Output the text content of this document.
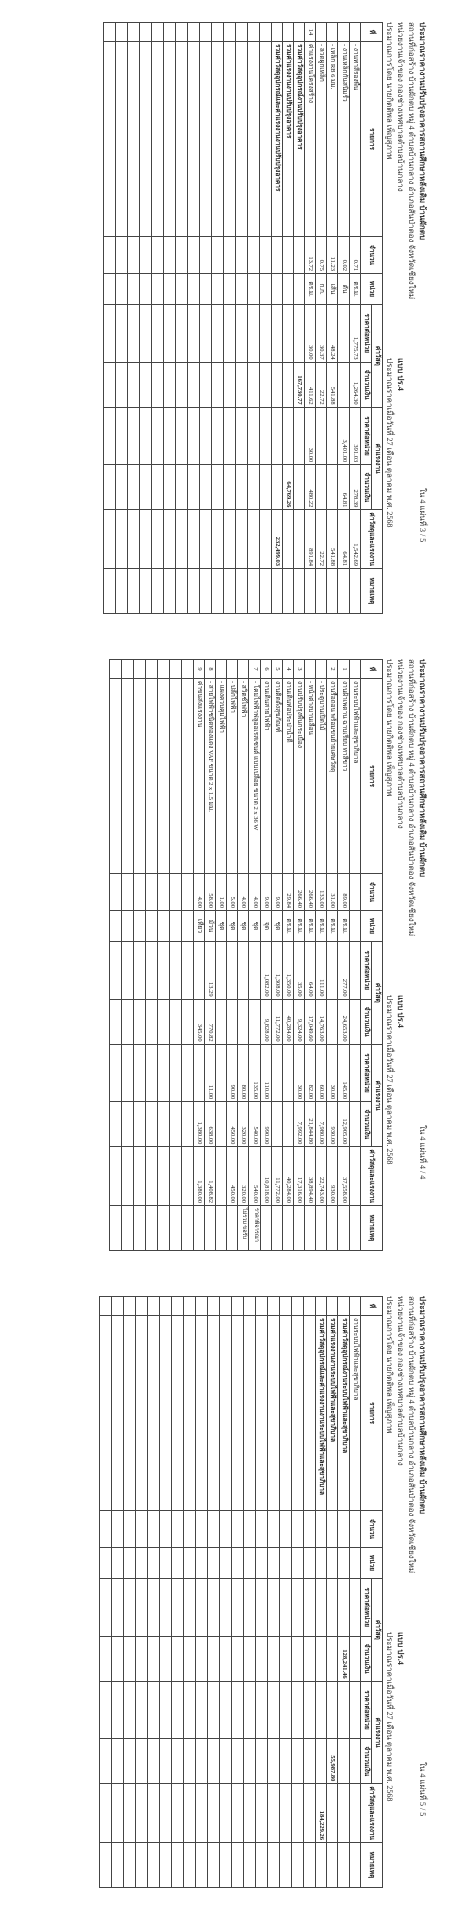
ประมาณราคางานปรับปรุงอาคารสถานศึกษาหลังเดิม บ้านผักตบ
สถานที่ก่อสร้าง บ้านผักตบ หมู่ 4 ตำบลบ้านกลาง อำเภอสันป่าตอง จังหวัดเชียงใหม่
หน่วยงานเจ้าของ กองช่างเทศบาลตำบลบ้านกลาง
ประมาณการโดย นายกิตติพล เพ็ญสุภาพ
ใน 4 แผ่นที่ 3 / 5
แบบ ปร.4
ประมาณราคาเมื่อวันที่ 27 เดือน ตุลาคม พ.ศ. 2568
ที่	รายการ	จำนวน	หน่วย	ค่าวัสดุ		ค่าแรงงาน		ค่าวัสดุและแรงงาน	หมายเหตุ
				ราคาต่อหน่วย	จำนวนเงิน	ราคาต่อหน่วย	จำนวนเงิน		
	- งานทาสีรองพื้น	0.71	ตร.ม.	1,775.73	1,264.30	391.03	278.39	1,542.69	
	- งานเหล็กกันสนิมรั้ว	0.02	ตัน			3,401.00	64.81	64.81	
	- เหล็ก RB 6 มม.	11.23	เส้น	48.24	541.88			541.88	
	- ลวดผูกเหล็ก	0.75	ก.ก.	30.37	22.72			22.72	
14	ค่าแรงงานโครงสร้าง	13.72	ตร.ม.	30.00	411.62	30.00	480.22	891.84	
	รวมค่าวัสดุอุปกรณ์งานปรับปรุงอาคาร				167,730.77				
	รวมค่าแรงงานงานปรับปรุงอาคาร						64,769.26		
	รวมค่าวัสดุอุปกรณ์และค่าแรงงานงานปรับปรุงอาคาร							232,499.03	

ประมาณราคางานปรับปรุงอาคารสถานศึกษาหลังเดิม บ้านผักตบ
สถานที่ก่อสร้าง บ้านผักตบ หมู่ 4 ตำบลบ้านกลาง อำเภอสันป่าตอง จังหวัดเชียงใหม่
หน่วยงานเจ้าของ กองช่างเทศบาลตำบลบ้านกลาง
ประมาณการโดย นายกิตติพล เพ็ญสุภาพ
ใน 4 แผ่นที่ 4 / 4
แบบ ปร.4
ประมาณราคาเมื่อวันที่ 27 เดือน ตุลาคม พ.ศ. 2568
ที่	รายการ	จำนวน	หน่วย	ค่าวัสดุ		ค่าแรงงาน		ค่าวัสดุและแรงงาน	หมายเหตุ
				ราคาต่อหน่วย	จำนวนเงิน	ราคาต่อหน่วย	จำนวนเงิน		
	งานระบบไฟฟ้าและสุขาภิบาล								
1	งานฝ้าเพดาน ฉาบเรียบ ทาสีขาว	89.00	ตร.ม.	277.00	24,653.00	145.00	12,905.00	37,558.00	
2	งานรื้อถอน พร้อมขนย้ายเศษวัสดุ	31.00	ตร.ม.			30.00	930.00	930.00	
	- ประตูบานเปิดไม้	133.00	ตร.ม.	111.00	14,763.00	60.00	7,980.00	22,743.00	
	- หน้าต่างบานเลื่อน	266.40	ตร.ม.	64.00	17,049.60	82.00	21,844.80	38,894.40	
3	งานปรับปรุงพื้นกระเบื้อง	266.40	ตร.ม.	35.00	9,324.00	30.00	7,992.00	17,316.00	
4	งานเดินท่อประปาน้ำดี	29.84	ตร.ม.	1,350.00	40,284.00			40,284.00	
5	งานติดตั้งสุขภัณฑ์	9.00	ชุด	1,308.00	11,772.00			11,772.00	
6	งานเดินสายไฟฟ้า	9.00	จุด	1,082.00	9,828.00	110.00	990.00	10,818.00	
7	- โคมไฟฟ้าฟลูออเรสเซนต์ แบบเปลือย ขนาด 2 x 36 W	4.00	ชุด			135.00	540.00	540.00	ราคาพิจารณา
	- สวิตช์ไฟฟ้า	4.00	ชุด			80.00	320.00	320.00	ไม่รวม ขอรับ
	- ปลั๊กไฟฟ้า	5.00	ชุด			90.00	450.00	450.00	
	- แผงควบคุมไฟฟ้า	1.00	ชุด						
8	- สายไฟฟ้าชนิดทองแดง VAF ขนาด 2 x 1.5 มม.	58.00	ม้วน	13.29	770.82	11.00	638.00	1,408.82	
9	ค่าขนส่งแรงงาน	4.00	เที่ยว		345.00		1,380.00	1,380.00	

ประมาณราคางานปรับปรุงอาคารสถานศึกษาหลังเดิม บ้านผักตบ
สถานที่ก่อสร้าง บ้านผักตบ หมู่ 4 ตำบลบ้านกลาง อำเภอสันป่าตอง จังหวัดเชียงใหม่
หน่วยงานเจ้าของ กองช่างเทศบาลตำบลบ้านกลาง
ประมาณการโดย นายกิตติพล เพ็ญสุภาพ
ใน 4 แผ่นที่ 5 / 5
แบบ ปร.4
ประมาณราคาเมื่อวันที่ 27 เดือน ตุลาคม พ.ศ. 2568
ที่	รายการ	จำนวน	หน่วย	ค่าวัสดุ		ค่าแรงงาน		ค่าวัสดุและแรงงาน	หมายเหตุ
				ราคาต่อหน่วย	จำนวนเงิน	ราคาต่อหน่วย	จำนวนเงิน		
	งานระบบไฟฟ้าและสุขาภิบาล								
	รวมค่าวัสดุอุปกรณ์งานระบบไฟฟ้าและสุขาภิบาล				128,241.46				
	รวมค่าแรงงานงานระบบไฟฟ้าและสุขาภิบาล						55,987.80		
	รวมค่าวัสดุอุปกรณ์และค่าแรงงานงานระบบไฟฟ้าและสุขาภิบาล							184,229.26	
